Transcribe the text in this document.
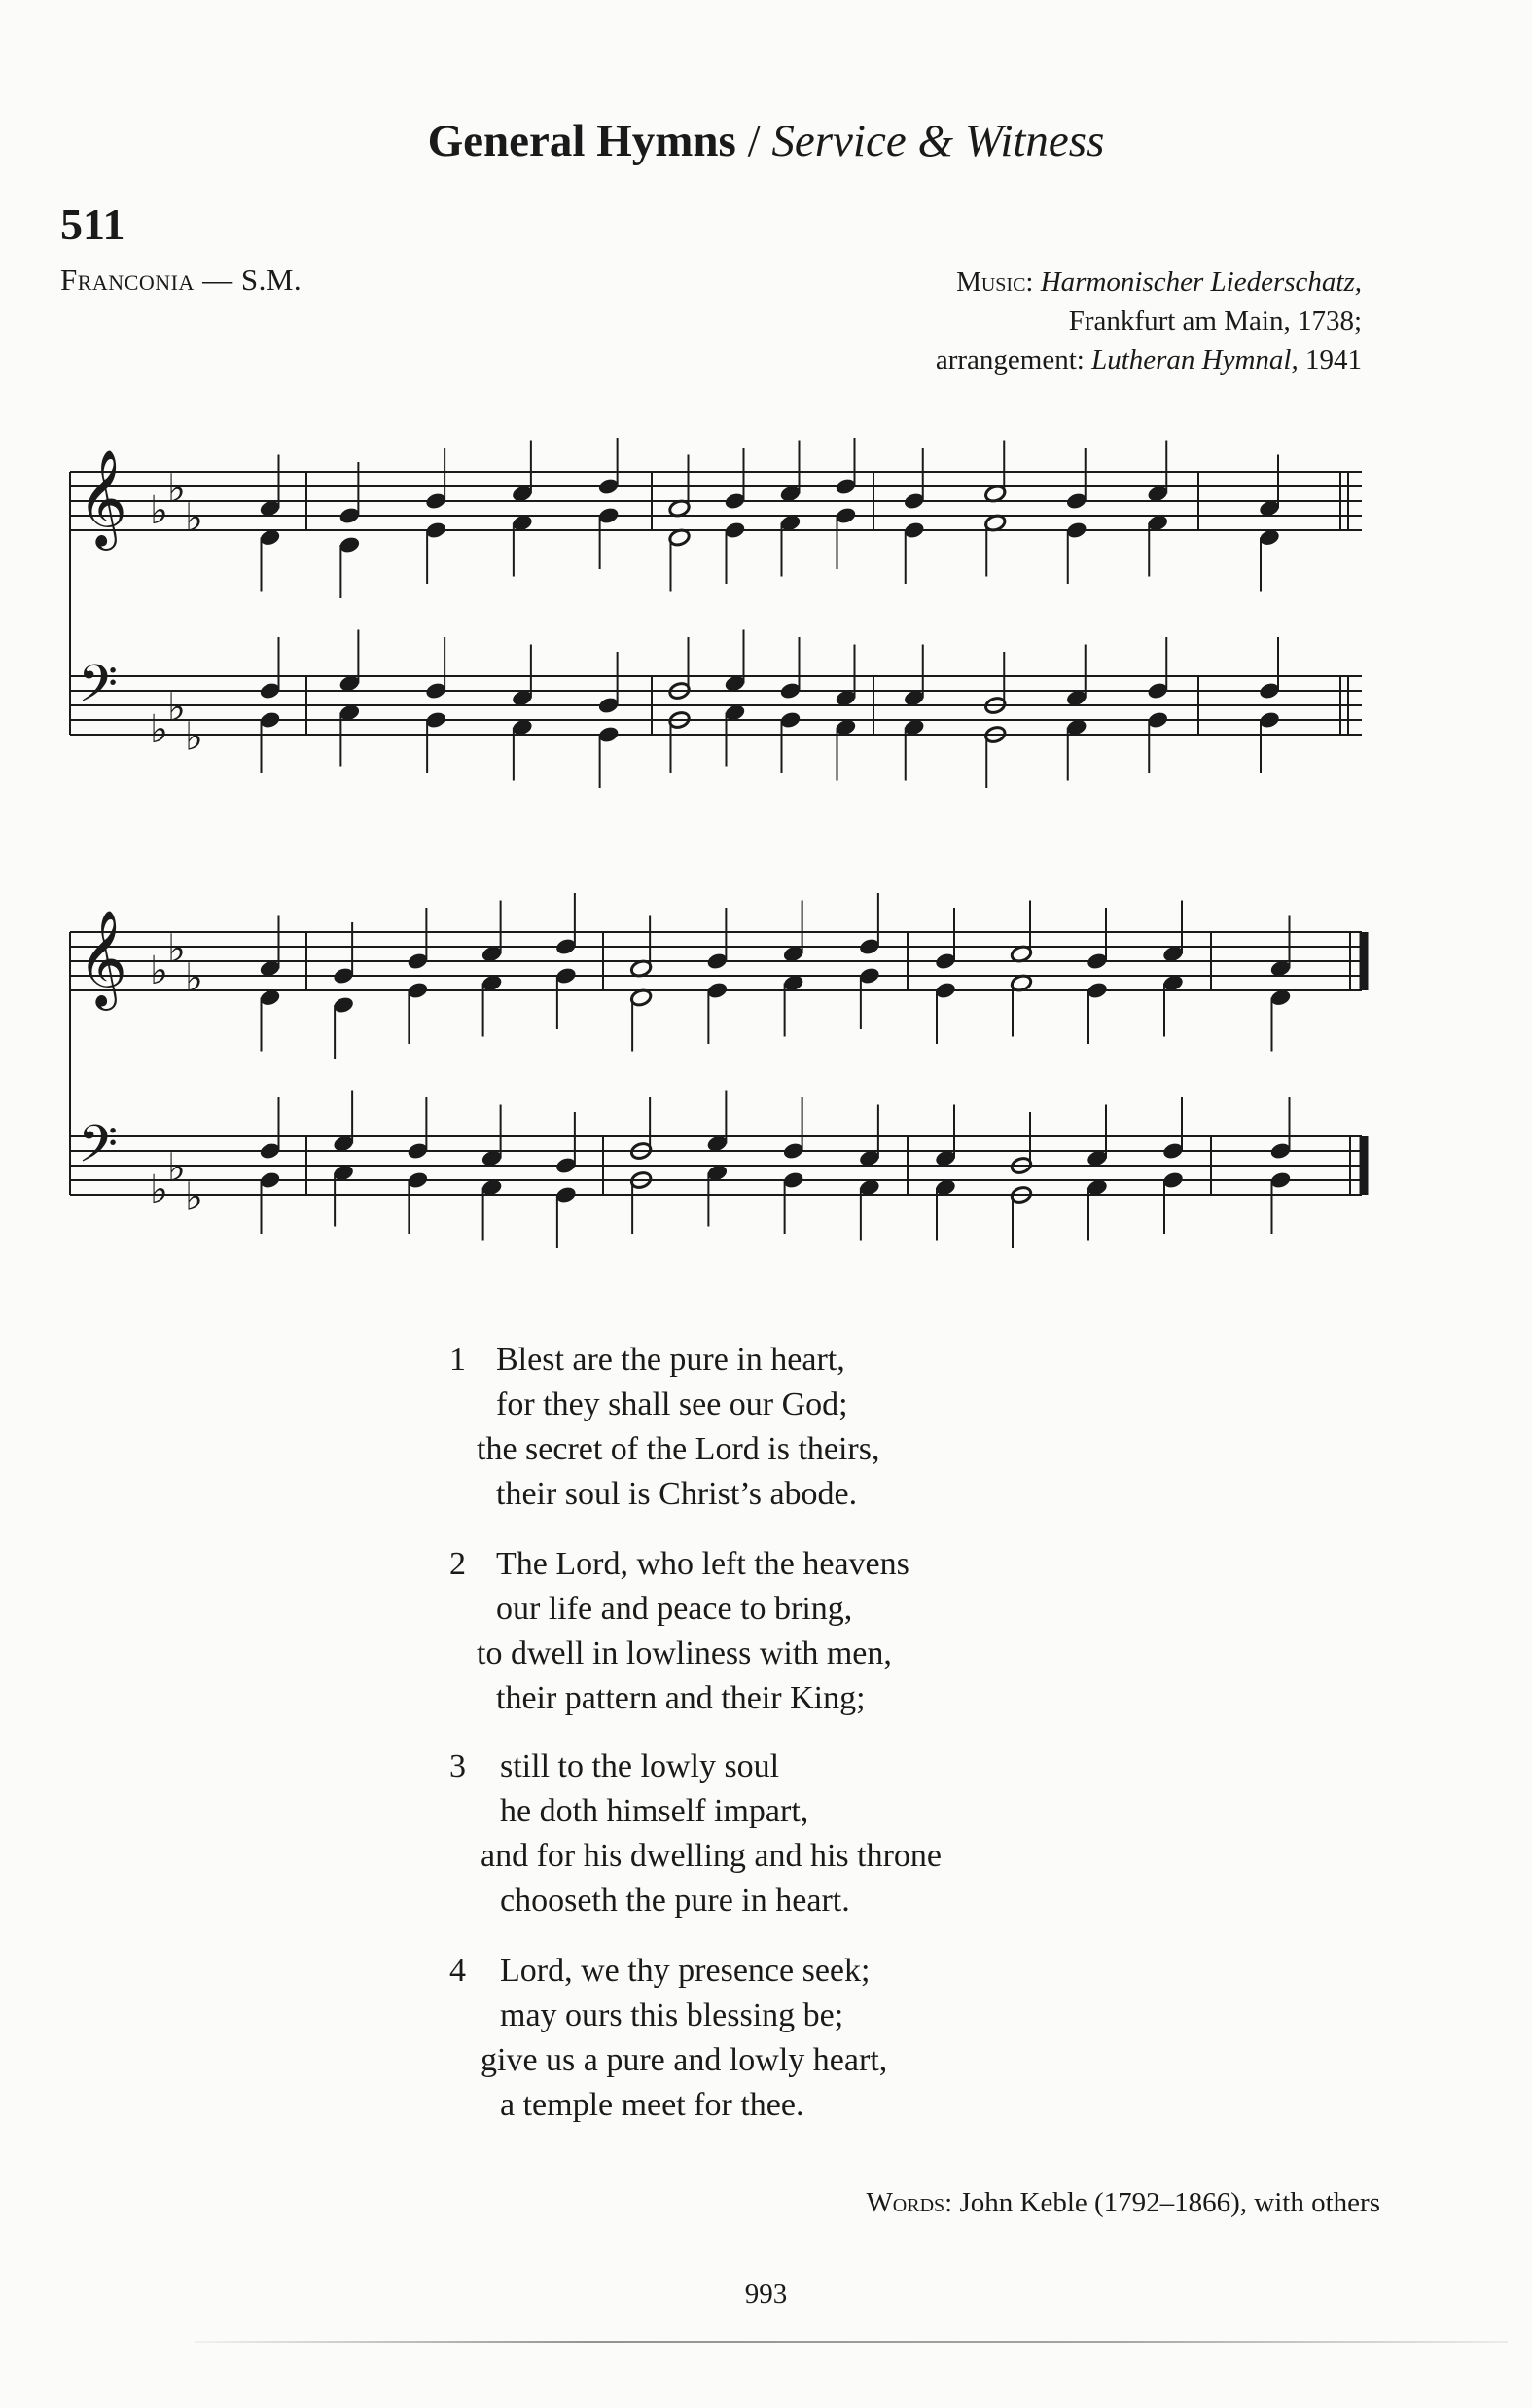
General Hymns / Service & Witness
511
Franconia — S.M.	Music: Harmonischer Liederschatz,
Frankfurt am Main, 1738;
arrangement: Lutheran Hymnal, 1941
𝄞 ♭ ♭
♭
𝄢
♭ ♭
♭
𝄞 ♭ ♭
♭
𝄢
♭ ♭
♭
1 Blest are the pure in heart,
for they shall see our God;
the secret of the Lord is theirs,
their soul is Christ’s abode.
2 The Lord, who left the heavens
our life and peace to bring,
to dwell in lowliness with men,
their pattern and their King;
3 still to the lowly soul
he doth himself impart,
and for his dwelling and his throne
chooseth the pure in heart.
4 Lord, we thy presence seek;
may ours this blessing be;
give us a pure and lowly heart,
a temple meet for thee.
Words: John Keble (1792–1866), with others
993
